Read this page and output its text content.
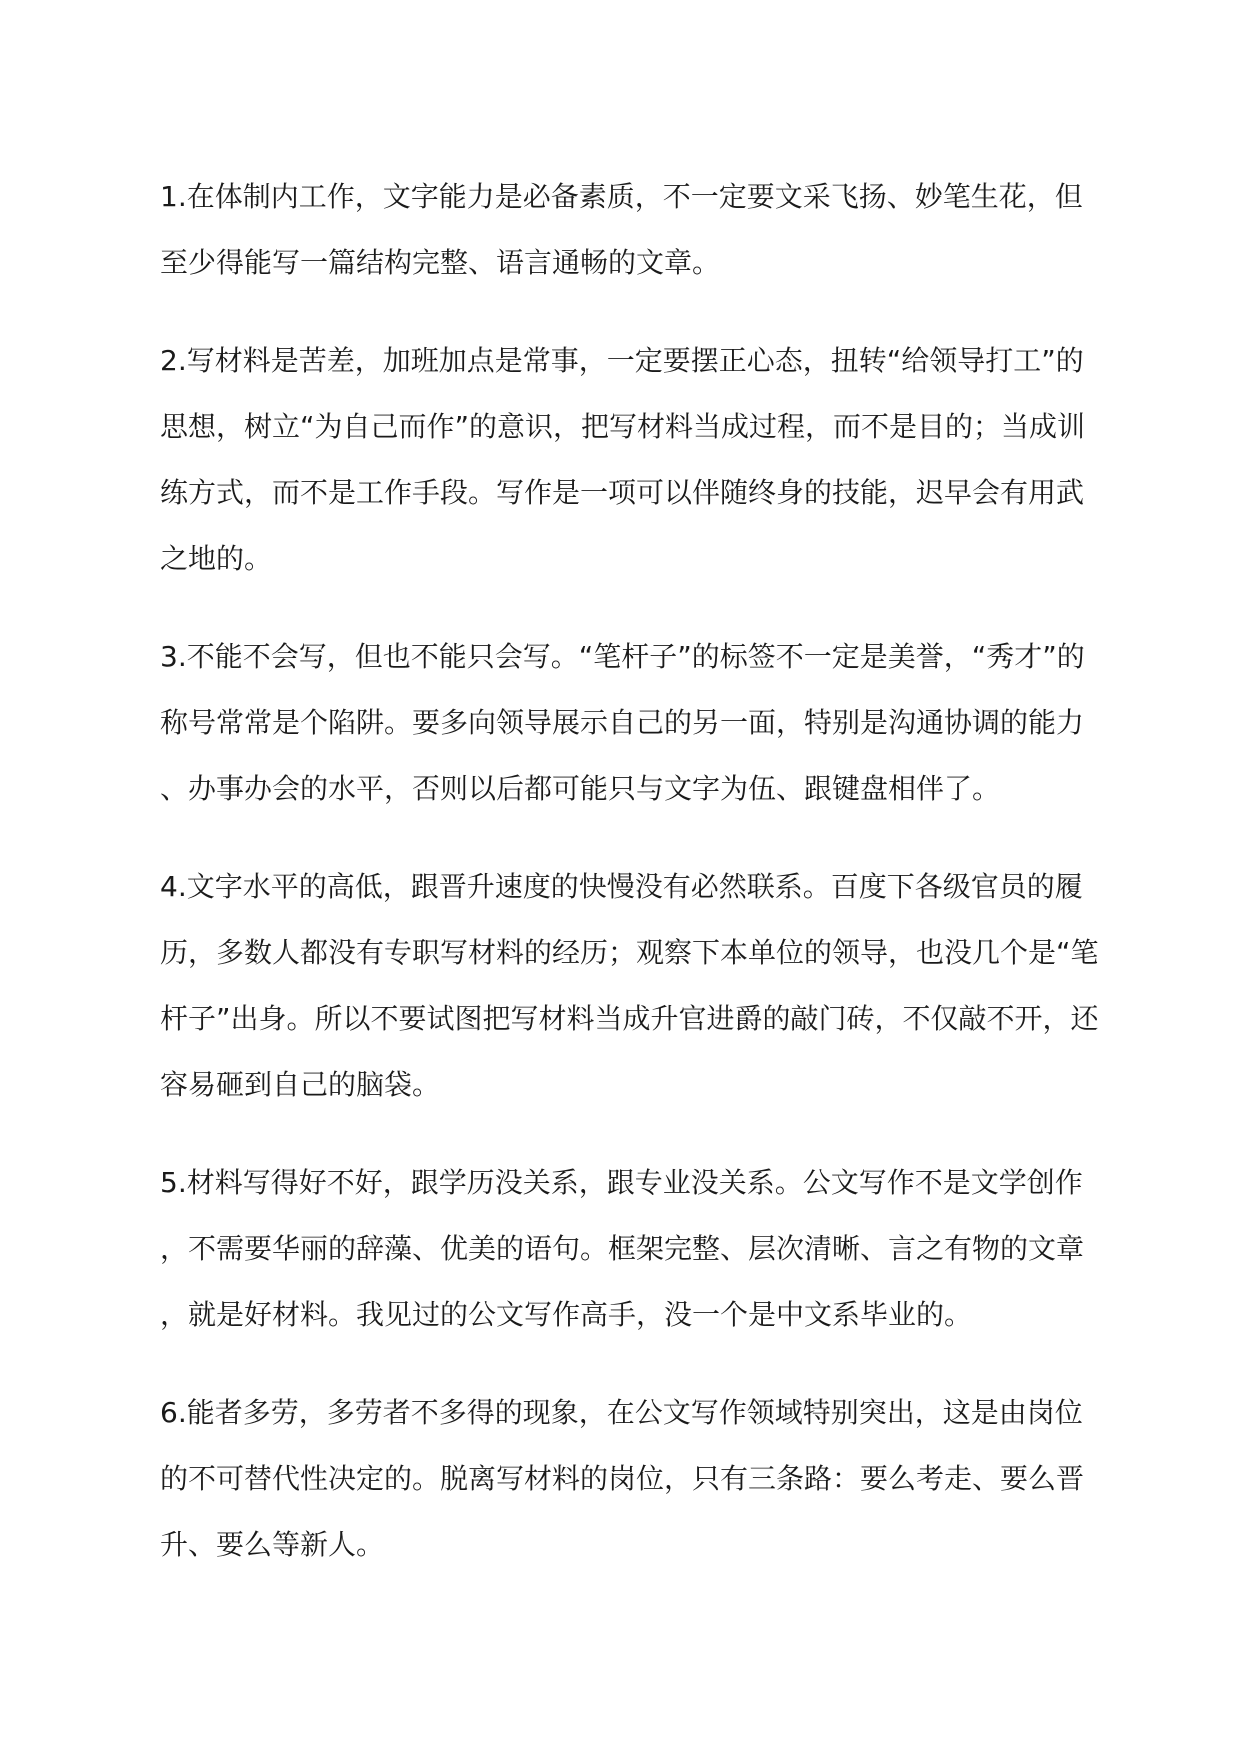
1.在体制内工作，文字能力是必备素质，不一定要文采飞扬、妙笔生花，但至少得能写一篇结构完整、语言通畅的文章。

2.写材料是苦差，加班加点是常事，一定要摆正心态，扭转“给领导打工”的思想，树立“为自己而作”的意识，把写材料当成过程，而不是目的；当成训练方式，而不是工作手段。写作是一项可以伴随终身的技能，迟早会有用武之地的。

3.不能不会写，但也不能只会写。“笔杆子”的标签不一定是美誉，“秀才”的称号常常是个陷阱。要多向领导展示自己的另一面，特别是沟通协调的能力、办事办会的水平，否则以后都可能只与文字为伍、跟键盘相伴了。

4.文字水平的高低，跟晋升速度的快慢没有必然联系。百度下各级官员的履历，多数人都没有专职写材料的经历；观察下本单位的领导，也没几个是“笔杆子”出身。所以不要试图把写材料当成升官进爵的敲门砖，不仅敲不开，还容易砸到自己的脑袋。

5.材料写得好不好，跟学历没关系，跟专业没关系。公文写作不是文学创作，不需要华丽的辞藻、优美的语句。框架完整、层次清晰、言之有物的文章，就是好材料。我见过的公文写作高手，没一个是中文系毕业的。

6.能者多劳，多劳者不多得的现象，在公文写作领域特别突出，这是由岗位的不可替代性决定的。脱离写材料的岗位，只有三条路：要么考走、要么晋升、要么等新人。
